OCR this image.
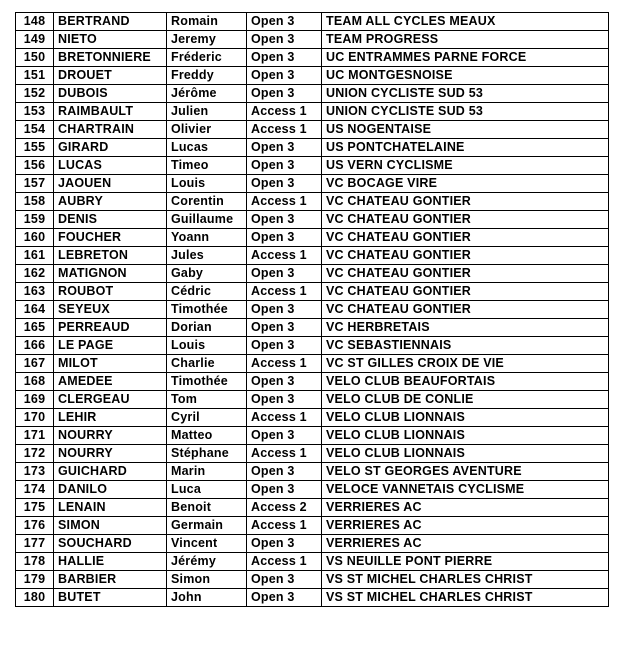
148	BERTRAND	Romain	Open 3	TEAM ALL CYCLES MEAUX
149	NIETO	Jeremy	Open 3	TEAM PROGRESS
150	BRETONNIERE	Fréderic	Open 3	UC ENTRAMMES PARNE FORCE
151	DROUET	Freddy	Open 3	UC MONTGESNOISE
152	DUBOIS	Jérôme	Open 3	UNION CYCLISTE SUD 53
153	RAIMBAULT	Julien	Access 1	UNION CYCLISTE SUD 53
154	CHARTRAIN	Olivier	Access 1	US NOGENTAISE
155	GIRARD	Lucas	Open 3	US PONTCHATELAINE
156	LUCAS	Timeo	Open 3	US VERN CYCLISME
157	JAOUEN	Louis	Open 3	VC BOCAGE VIRE
158	AUBRY	Corentin	Access 1	VC CHATEAU GONTIER
159	DENIS	Guillaume	Open 3	VC CHATEAU GONTIER
160	FOUCHER	Yoann	Open 3	VC CHATEAU GONTIER
161	LEBRETON	Jules	Access 1	VC CHATEAU GONTIER
162	MATIGNON	Gaby	Open 3	VC CHATEAU GONTIER
163	ROUBOT	Cédric	Access 1	VC CHATEAU GONTIER
164	SEYEUX	Timothée	Open 3	VC CHATEAU GONTIER
165	PERREAUD	Dorian	Open 3	VC HERBRETAIS
166	LE PAGE	Louis	Open 3	VC SEBASTIENNAIS
167	MILOT	Charlie	Access 1	VC ST GILLES CROIX DE VIE
168	AMEDEE	Timothée	Open 3	VELO CLUB BEAUFORTAIS
169	CLERGEAU	Tom	Open 3	VELO CLUB DE CONLIE
170	LEHIR	Cyril	Access 1	VELO CLUB LIONNAIS
171	NOURRY	Matteo	Open 3	VELO CLUB LIONNAIS
172	NOURRY	Stéphane	Access 1	VELO CLUB LIONNAIS
173	GUICHARD	Marin	Open 3	VELO ST GEORGES AVENTURE
174	DANILO	Luca	Open 3	VELOCE VANNETAIS CYCLISME
175	LENAIN	Benoit	Access 2	VERRIERES AC
176	SIMON	Germain	Access 1	VERRIERES AC
177	SOUCHARD	Vincent	Open 3	VERRIERES AC
178	HALLIE	Jérémy	Access 1	VS NEUILLE PONT PIERRE
179	BARBIER	Simon	Open 3	VS ST MICHEL CHARLES CHRIST
180	BUTET	John	Open 3	VS ST MICHEL CHARLES CHRIST
